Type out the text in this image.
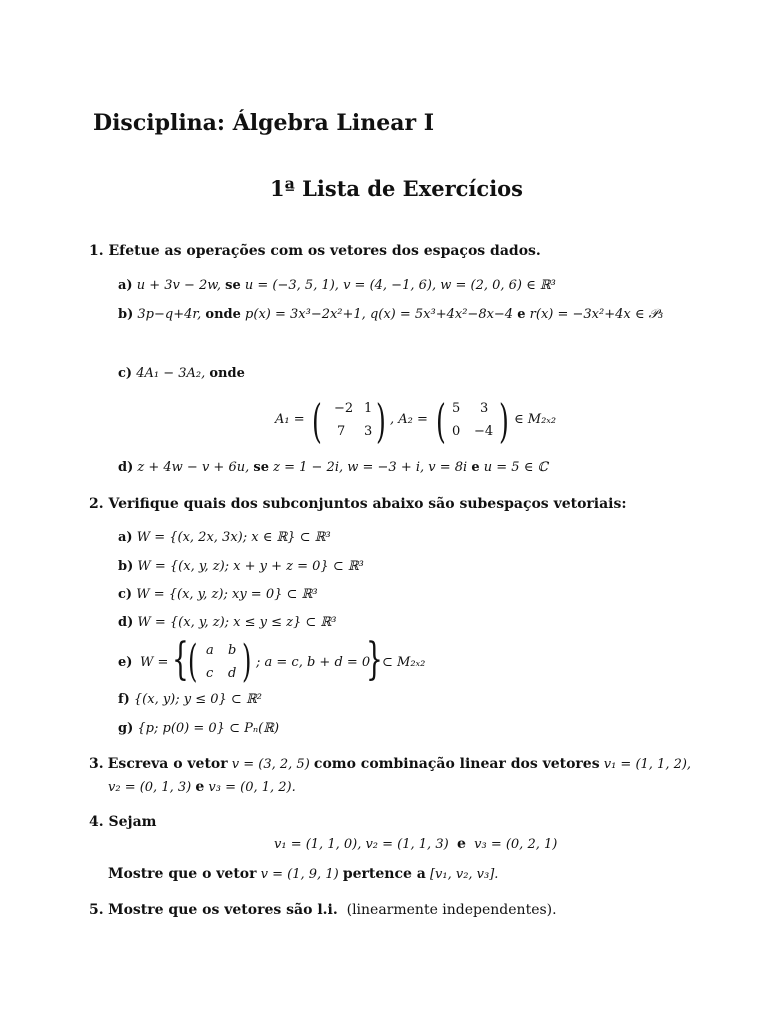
Disciplina: Álgebra Linear I
1ª Lista de Exercícios
1. Efetue as operações com os vetores dos espaços dados.
a) u + 3v − 2w, se u = (−3, 5, 1), v = (4, −1, 6), w = (2, 0, 6) ∈ ℝ³
b) 3p−q+4r, onde p(x) = 3x³−2x²+1, q(x) = 5x³+4x²−8x−4 e r(x) = −3x²+4x ∈ 𝒫₃
c) 4A₁ − 3A₂, onde
A₁ = ( −2 1
7 3 ) , A₂ = ( 5 3
0 −4 ) ∈ M₂ₓ₂
d) z + 4w − v + 6u, se z = 1 − 2i, w = −3 + i, v = 8i e u = 5 ∈ ℂ
2. Verifique quais dos subconjuntos abaixo são subespaços vetoriais:
a) W = {(x, 2x, 3x); x ∈ ℝ} ⊂ ℝ³
b) W = {(x, y, z); x + y + z = 0} ⊂ ℝ³
c) W = {(x, y, z); xy = 0} ⊂ ℝ³
d) W = {(x, y, z); x ≤ y ≤ z} ⊂ ℝ³
e) W = { ( a b
c d ) ; a = c, b + d = 0
} ⊂ M₂ₓ₂
f) {(x, y); y ≤ 0} ⊂ ℝ²
g) {p; p(0) = 0} ⊂ Pₙ(ℝ)
3. Escreva o vetor v = (3, 2, 5) como combinação linear dos vetores v₁ = (1, 1, 2),
v₂ = (0, 1, 3) e v₃ = (0, 1, 2).
4. Sejam
v₁ = (1, 1, 0), v₂ = (1, 1, 3) e v₃ = (0, 2, 1)
Mostre que o vetor v = (1, 9, 1) pertence a [v₁, v₂, v₃].
5. Mostre que os vetores são l.i. (linearmente independentes).
